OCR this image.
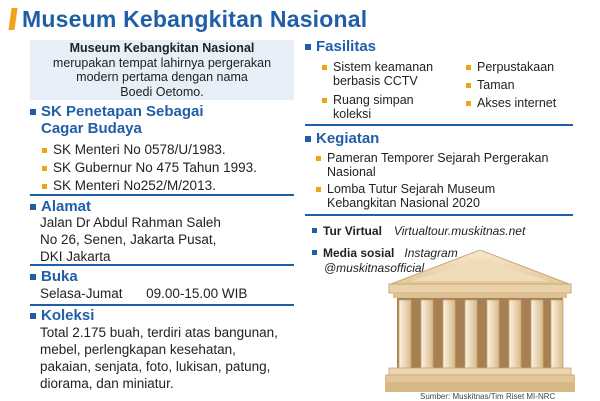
Museum Kebangkitan Nasional
Museum Kebangkitan Nasional
merupakan tempat lahirnya pergerakan
modern pertama dengan nama
Boedi Oetomo.
SK Penetapan Sebagai
Cagar Budaya
SK Menteri No 0578/U/1983.
SK Gubernur No 475 Tahun 1993.
SK Menteri No252/M/2013.
Alamat
Jalan Dr Abdul Rahman Saleh
No 26, Senen, Jakarta Pusat,
DKI Jakarta
Buka
Selasa-Jumat 09.00-15.00 WIB
Koleksi
Total 2.175 buah, terdiri atas bangunan,
mebel, perlengkapan kesehatan,
pakaian, senjata, foto, lukisan, patung,
diorama, dan miniatur.
Fasilitas
Sistem keamanan
berbasis CCTV
Ruang simpan
koleksi
Perpustakaan
Taman
Akses internet
Kegiatan
Pameran Temporer Sejarah Pergerakan
Nasional
Lomba Tutur Sejarah Museum
Kebangkitan Nasional 2020
Tur Virtual Virtualtour.muskitnas.net
Media sosial Instagram
@muskitnasofficial
Sumber: Muskitnas/Tim Riset MI-NRC
